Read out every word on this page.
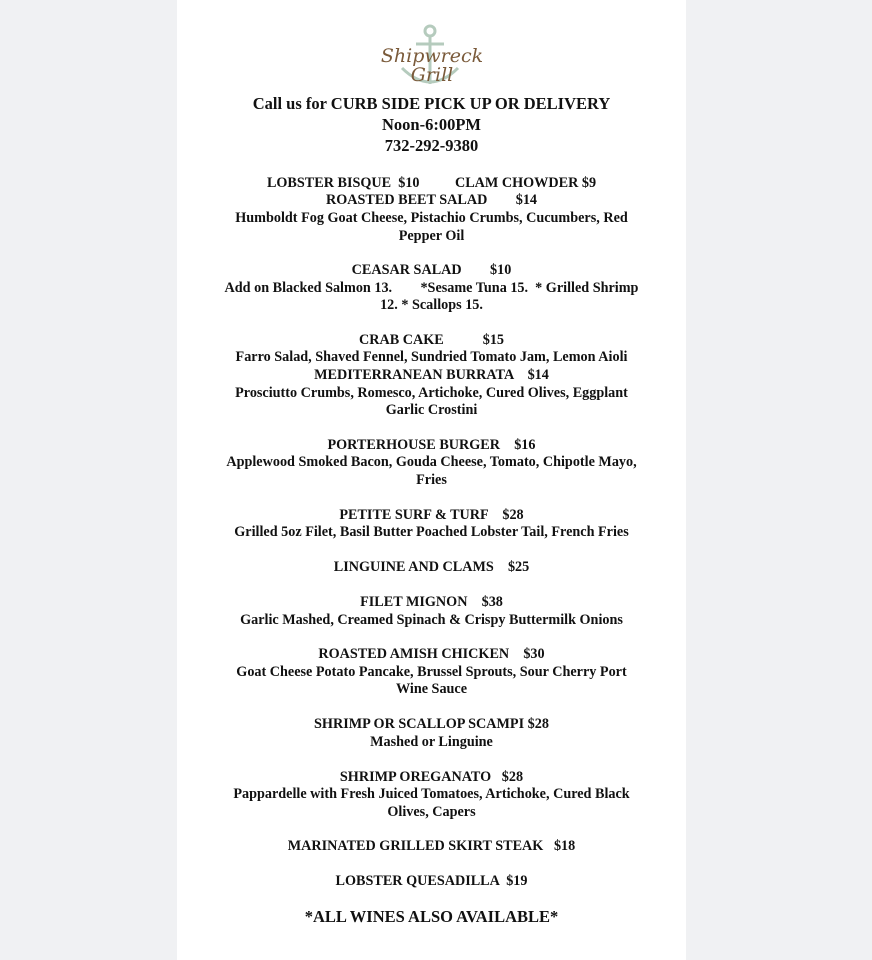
Shipwreck
Grill
Call us for CURB SIDE PICK UP OR DELIVERY
Noon-6:00PM
732-292-9380
LOBSTER BISQUE  $10          CLAM CHOWDER $9
ROASTED BEET SALAD        $14
Humboldt Fog Goat Cheese, Pistachio Crumbs, Cucumbers, Red
Pepper Oil
CEASAR SALAD        $10
Add on Blacked Salmon 13.        *Sesame Tuna 15.  * Grilled Shrimp
12. * Scallops 15.
CRAB CAKE           $15
Farro Salad, Shaved Fennel, Sundried Tomato Jam, Lemon Aioli
MEDITERRANEAN BURRATA    $14
Prosciutto Crumbs, Romesco, Artichoke, Cured Olives, Eggplant
Garlic Crostini
PORTERHOUSE BURGER    $16
Applewood Smoked Bacon, Gouda Cheese, Tomato, Chipotle Mayo,
Fries
PETITE SURF & TURF    $28
Grilled 5oz Filet, Basil Butter Poached Lobster Tail, French Fries
LINGUINE AND CLAMS    $25
FILET MIGNON    $38
Garlic Mashed, Creamed Spinach & Crispy Buttermilk Onions
ROASTED AMISH CHICKEN    $30
Goat Cheese Potato Pancake, Brussel Sprouts, Sour Cherry Port
Wine Sauce
SHRIMP OR SCALLOP SCAMPI $28
Mashed or Linguine
SHRIMP OREGANATO   $28
Pappardelle with Fresh Juiced Tomatoes, Artichoke, Cured Black
Olives, Capers
MARINATED GRILLED SKIRT STEAK   $18
LOBSTER QUESADILLA  $19
*ALL WINES ALSO AVAILABLE*
